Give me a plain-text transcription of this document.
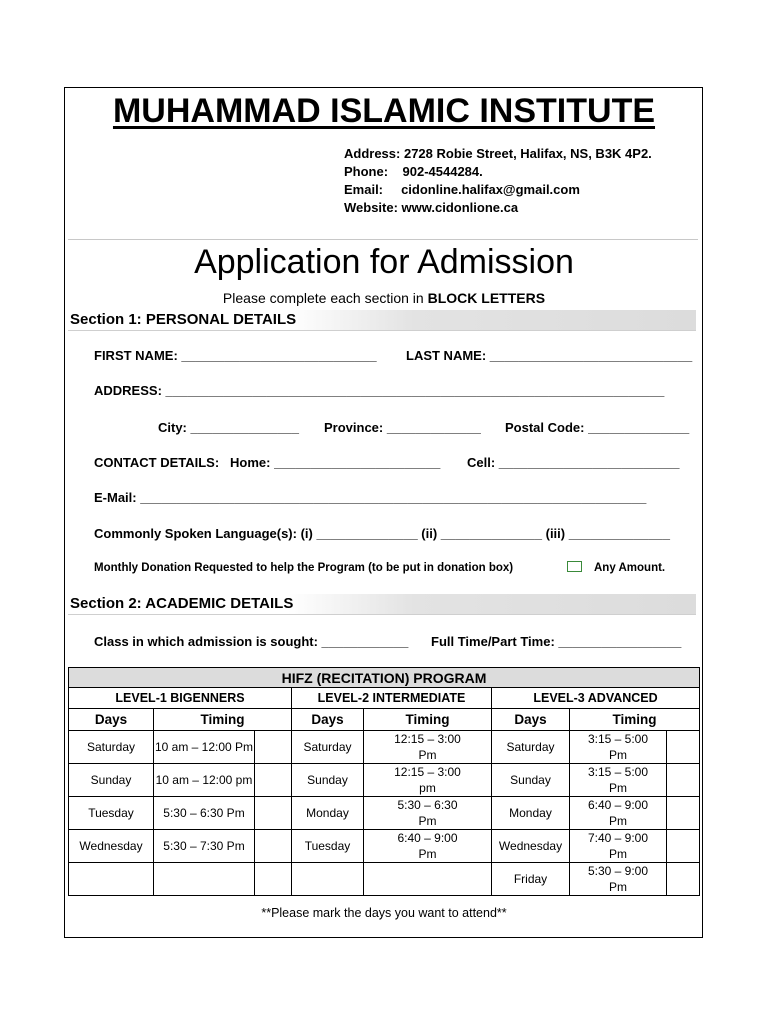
MUHAMMAD ISLAMIC INSTITUTE
Address: 2728 Robie Street, Halifax, NS, B3K 4P2.
Phone:    902-4544284.
Email:     cidonline.halifax@gmail.com
Website: www.cidonlione.ca
Application for Admission
Please complete each section in BLOCK LETTERS
Section 1: PERSONAL DETAILS
FIRST NAME: ___________________________ LAST NAME: ____________________________
ADDRESS: _____________________________________________________________________
City: _______________ Province: _____________ Postal Code: ______________
CONTACT DETAILS:   Home: _______________________ Cell: _________________________
E-Mail: ______________________________________________________________________
Commonly Spoken Language(s): (i) ______________ (ii) ______________ (iii) ______________
Monthly Donation Requested to help the Program (to be put in donation box)	Any Amount.
Section 2: ACADEMIC DETAILS
Class in which admission is sought: ____________ Full Time/Part Time: _________________
HIFZ (RECITATION) PROGRAM							
LEVEL-1 BIGENNERS			LEVEL-2 INTERMEDIATE		LEVEL-3 ADVANCED		
Days	Timing		Days	Timing	Days	Timing	
Saturday	10 am – 12:00 Pm		Saturday	12:15 – 3:00 Pm	Saturday	3:15 – 5:00 Pm	

Sunday	10 am – 12:00 pm		Sunday	12:15 – 3:00 pm	Sunday	3:15 – 5:00 Pm	

Tuesday	5:30 – 6:30 Pm		Monday	5:30 – 6:30 Pm	Monday	6:40 – 9:00 Pm	

Wednesday	5:30 – 7:30 Pm		Tuesday	6:40 – 9:00 Pm	Wednesday	7:40 – 9:00 Pm	

					Friday	5:30 – 9:00 Pm	

**Please mark the days you want to attend**
